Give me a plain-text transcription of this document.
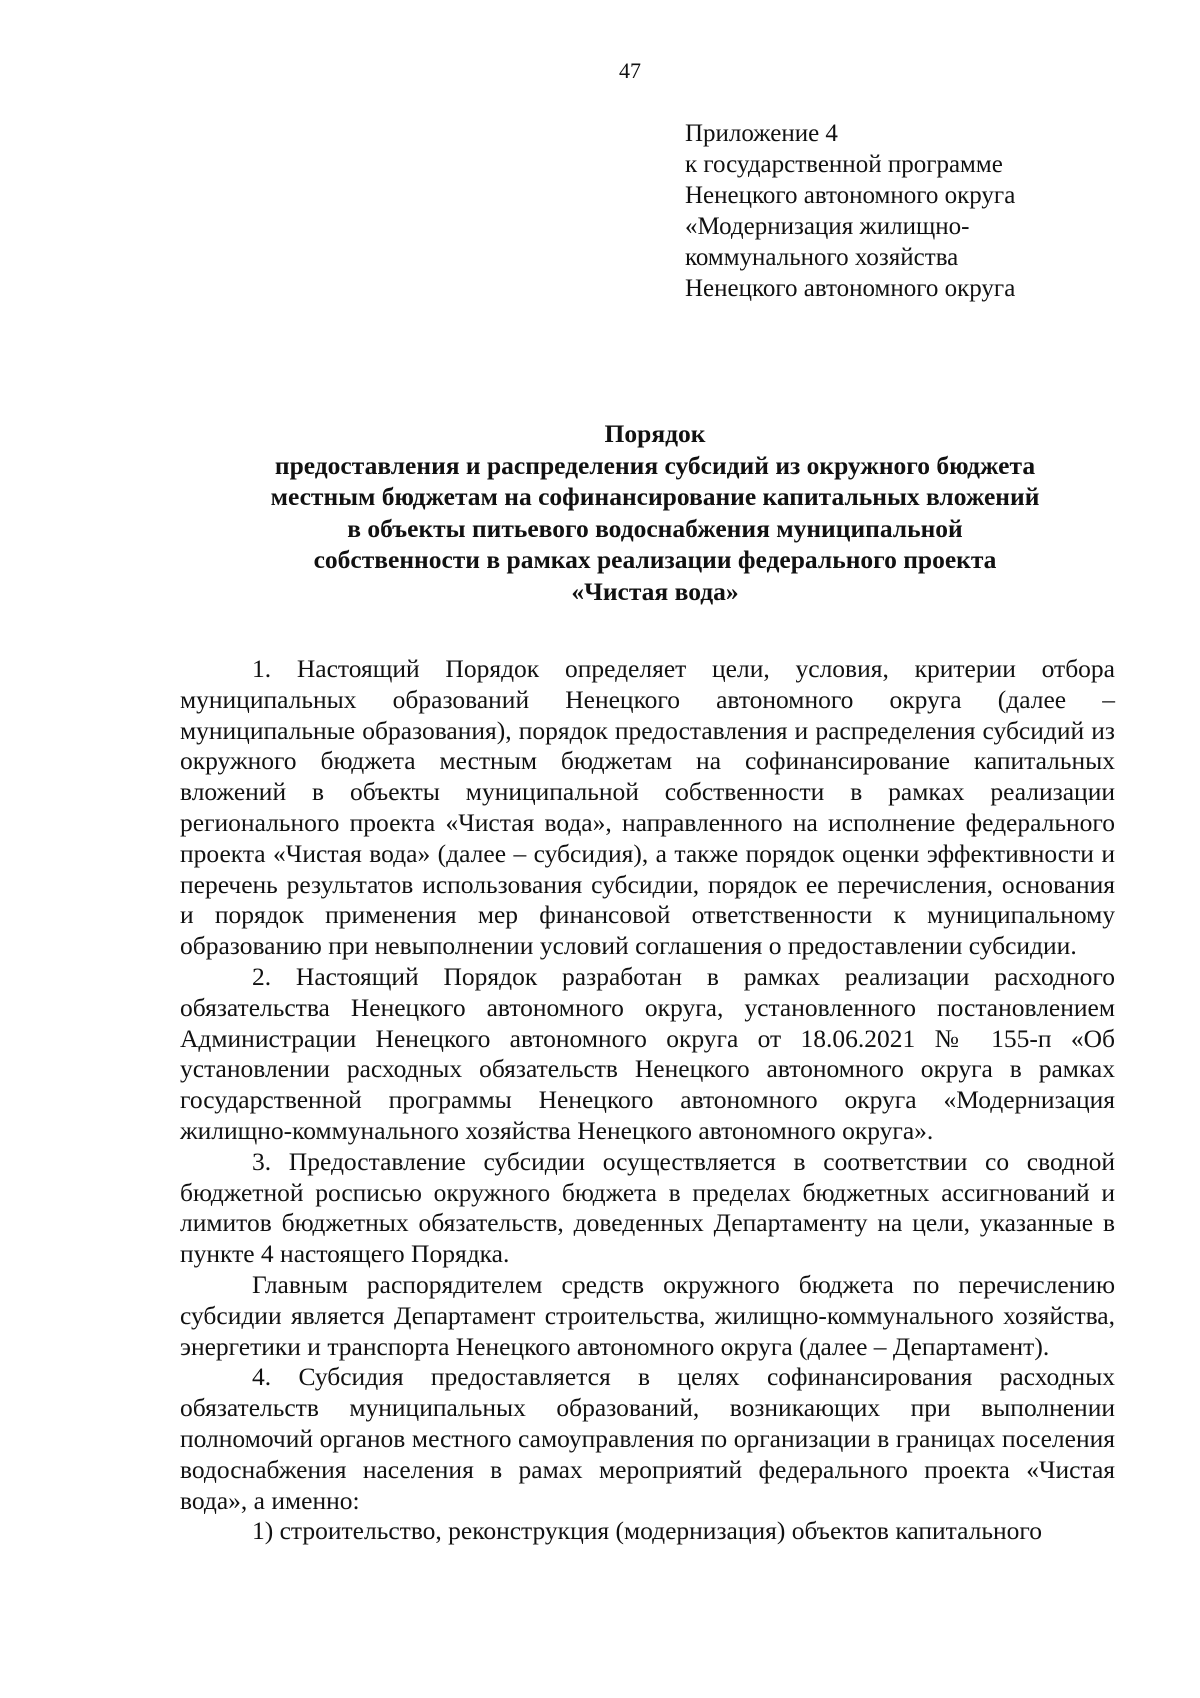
47
Приложение 4
к государственной программе
Ненецкого автономного округа
«Модернизация жилищно-
коммунального хозяйства
Ненецкого автономного округа
Порядок
предоставления и распределения субсидий из окружного бюджета
местным бюджетам на софинансирование капитальных вложений
в объекты питьевого водоснабжения муниципальной
собственности в рамках реализации федерального проекта
«Чистая вода»

1. Настоящий Порядок определяет цели, условия, критерии отбора муниципальных образований Ненецкого автономного округа (далее – муниципальные образования), порядок предоставления и распределения субсидий из окружного бюджета местным бюджетам на софинансирование капитальных вложений в объекты муниципальной собственности в рамках реализации регионального проекта «Чистая вода», направленного на исполнение федерального проекта «Чистая вода» (далее – субсидия), а также порядок оценки эффективности и перечень результатов использования субсидии, порядок ее перечисления, основания и порядок применения мер финансовой ответственности к муниципальному образованию при невыполнении условий соглашения о предоставлении субсидии.

2. Настоящий Порядок разработан в рамках реализации расходного обязательства Ненецкого автономного округа, установленного постановлением Администрации Ненецкого автономного округа от 18.06.2021 № 155-п «Об установлении расходных обязательств Ненецкого автономного округа в рамках государственной программы Ненецкого автономного округа «Модернизация жилищно-коммунального хозяйства Ненецкого автономного округа».

3. Предоставление субсидии осуществляется в соответствии со сводной бюджетной росписью окружного бюджета в пределах бюджетных ассигнований и лимитов бюджетных обязательств, доведенных Департаменту на цели, указанные в пункте 4 настоящего Порядка.

Главным распорядителем средств окружного бюджета по перечислению субсидии является Департамент строительства, жилищно-коммунального хозяйства, энергетики и транспорта Ненецкого автономного округа (далее – Департамент).

4. Субсидия предоставляется в целях софинансирования расходных обязательств муниципальных образований, возникающих при выполнении полномочий органов местного самоуправления по организации в границах поселения водоснабжения населения в рамах мероприятий федерального проекта «Чистая вода», а именно:

1) строительство, реконструкция (модернизация) объектов капитального
